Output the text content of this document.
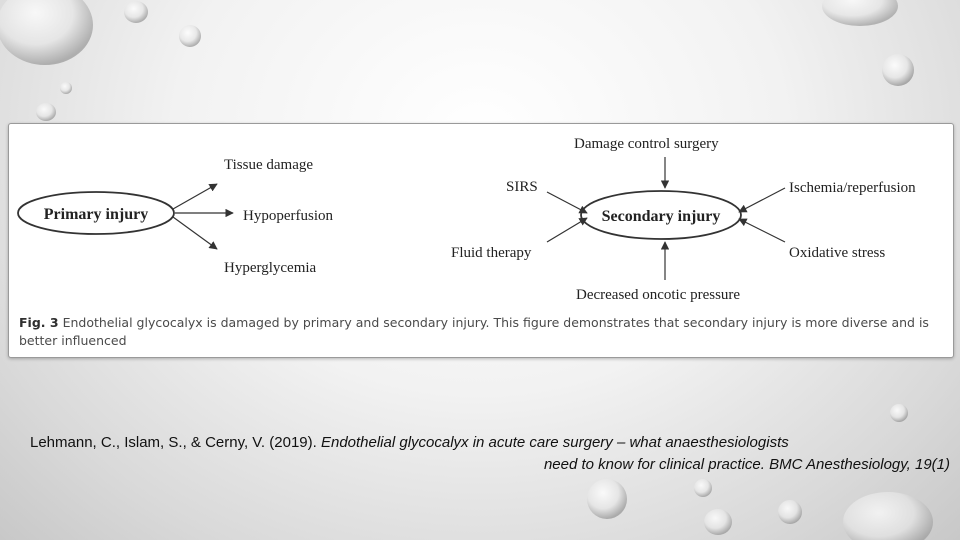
Primary injury
Tissue damage
Hypoperfusion
Hyperglycemia
Secondary injury
Damage control surgery
Decreased oncotic pressure
SIRS
Fluid therapy
Ischemia/reperfusion
Oxidative stress
Fig. 3 Endothelial glycocalyx is damaged by primary and secondary injury. This figure demonstrates that secondary injury is more diverse and is better influenced
Lehmann, C., Islam, S., & Cerny, V. (2019). Endothelial glycocalyx in acute care surgery – what anaesthesiologists
need to know for clinical practice. BMC Anesthesiology, 19(1)
